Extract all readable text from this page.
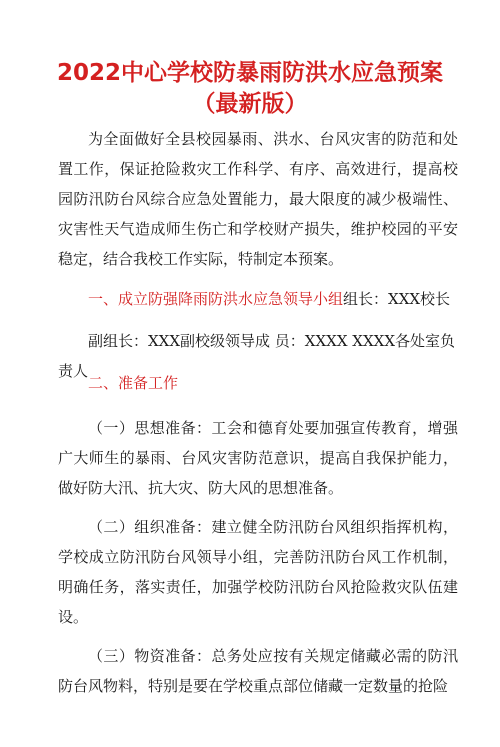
2022中心学校防暴雨防洪水应急预案
（最新版）

为全面做好全县校园暴雨、洪水、台风灾害的防范和处置工作，保证抢险救灾工作科学、有序、高效进行，提高校园防汛防台风综合应急处置能力，最大限度的减少极端性、灾害性天气造成师生伤亡和学校财产损失，维护校园的平安稳定，结合我校工作实际，特制定本预案。

一、成立防强降雨防洪水应急领导小组组长：XXX校长

副组长：XXX副校级领导成 员：XXXX XXXX各处室负责人

二、准备工作

（一）思想准备：工会和德育处要加强宣传教育，增强广大师生的暴雨、台风灾害防范意识，提高自我保护能力，做好防大汛、抗大灾、防大风的思想准备。

（二）组织准备：建立健全防汛防台风组织指挥机构，学校成立防汛防台风领导小组，完善防汛防台风工作机制，明确任务，落实责任，加强学校防汛防台风抢险救灾队伍建设。

（三）物资准备：总务处应按有关规定储藏必需的防汛防台风物料，特别是要在学校重点部位储藏一定数量的抢险
